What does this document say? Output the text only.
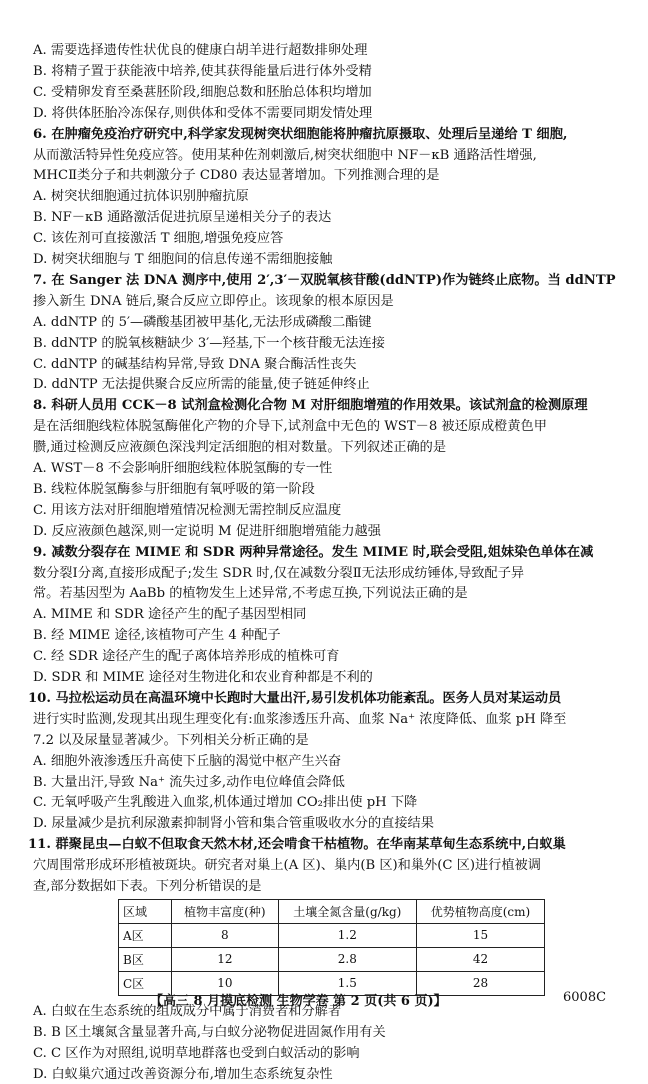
A. 需要选择遗传性状优良的健康白胡羊进行超数排卵处理
B. 将精子置于获能液中培养,使其获得能量后进行体外受精
C. 受精卵发育至桑葚胚阶段,细胞总数和胚胎总体积均增加
D. 将供体胚胎冷冻保存,则供体和受体不需要同期发情处理
6. 在肿瘤免疫治疗研究中,科学家发现树突状细胞能将肿瘤抗原摄取、处理后呈递给 T 细胞,
从而激活特异性免疫应答。使用某种佐剂刺激后,树突状细胞中 NF－κB 通路活性增强,
MHCⅡ类分子和共刺激分子 CD80 表达显著增加。下列推测合理的是
A. 树突状细胞通过抗体识别肿瘤抗原
B. NF－κB 通路激活促进抗原呈递相关分子的表达
C. 该佐剂可直接激活 T 细胞,增强免疫应答
D. 树突状细胞与 T 细胞间的信息传递不需细胞接触
7. 在 Sanger 法 DNA 测序中,使用 2′,3′－双脱氧核苷酸(ddNTP)作为链终止底物。当 ddNTP
掺入新生 DNA 链后,聚合反应立即停止。该现象的根本原因是
A. ddNTP 的 5′—磷酸基团被甲基化,无法形成磷酸二酯键
B. ddNTP 的脱氧核糖缺少 3′—羟基,下一个核苷酸无法连接
C. ddNTP 的碱基结构异常,导致 DNA 聚合酶活性丧失
D. ddNTP 无法提供聚合反应所需的能量,使子链延伸终止
8. 科研人员用 CCK－8 试剂盒检测化合物 M 对肝细胞增殖的作用效果。该试剂盒的检测原理
是在活细胞线粒体脱氢酶催化产物的介导下,试剂盒中无色的 WST－8 被还原成橙黄色甲
臜,通过检测反应液颜色深浅判定活细胞的相对数量。下列叙述正确的是
A. WST－8 不会影响肝细胞线粒体脱氢酶的专一性
B. 线粒体脱氢酶参与肝细胞有氧呼吸的第一阶段
C. 用该方法对肝细胞增殖情况检测无需控制反应温度
D. 反应液颜色越深,则一定说明 M 促进肝细胞增殖能力越强
9. 减数分裂存在 MIME 和 SDR 两种异常途径。发生 MIME 时,联会受阻,姐妹染色单体在减
数分裂Ⅰ分离,直接形成配子;发生 SDR 时,仅在减数分裂Ⅱ无法形成纺锤体,导致配子异
常。若基因型为 AaBb 的植物发生上述异常,不考虑互换,下列说法正确的是
A. MIME 和 SDR 途径产生的配子基因型相同
B. 经 MIME 途径,该植物可产生 4 种配子
C. 经 SDR 途径产生的配子离体培养形成的植株可育
D. SDR 和 MIME 途径对生物进化和农业育种都是不利的
10. 马拉松运动员在高温环境中长跑时大量出汗,易引发机体功能紊乱。医务人员对某运动员
进行实时监测,发现其出现生理变化有:血浆渗透压升高、血浆 Na⁺ 浓度降低、血浆 pH 降至
7.2 以及尿量显著减少。下列相关分析正确的是
A. 细胞外液渗透压升高使下丘脑的渴觉中枢产生兴奋
B. 大量出汗,导致 Na⁺ 流失过多,动作电位峰值会降低
C. 无氧呼吸产生乳酸进入血浆,机体通过增加 CO₂排出使 pH 下降
D. 尿量减少是抗利尿激素抑制肾小管和集合管重吸收水分的直接结果
11. 群聚昆虫—白蚁不但取食天然木材,还会啃食干枯植物。在华南某草甸生态系统中,白蚁巢
穴周围常形成环形植被斑块。研究者对巢上(A 区)、巢内(B 区)和巢外(C 区)进行植被调
查,部分数据如下表。下列分析错误的是
A. 白蚁在生态系统的组成成分中属于消费者和分解者
B. B 区土壤氮含量显著升高,与白蚁分泌物促进固氮作用有关
C. C 区作为对照组,说明草地群落也受到白蚁活动的影响
D. 白蚁巢穴通过改善资源分布,增加生态系统复杂性
【高三 8 月摸底检测 生物学卷 第 2 页(共 6 页)】	6008C
区域	植物丰富度(种)	土壤全氮含量(g/kg)	优势植物高度(cm)
A区	8	1.2	15
B区	12	2.8	42
C区	10	1.5	28
